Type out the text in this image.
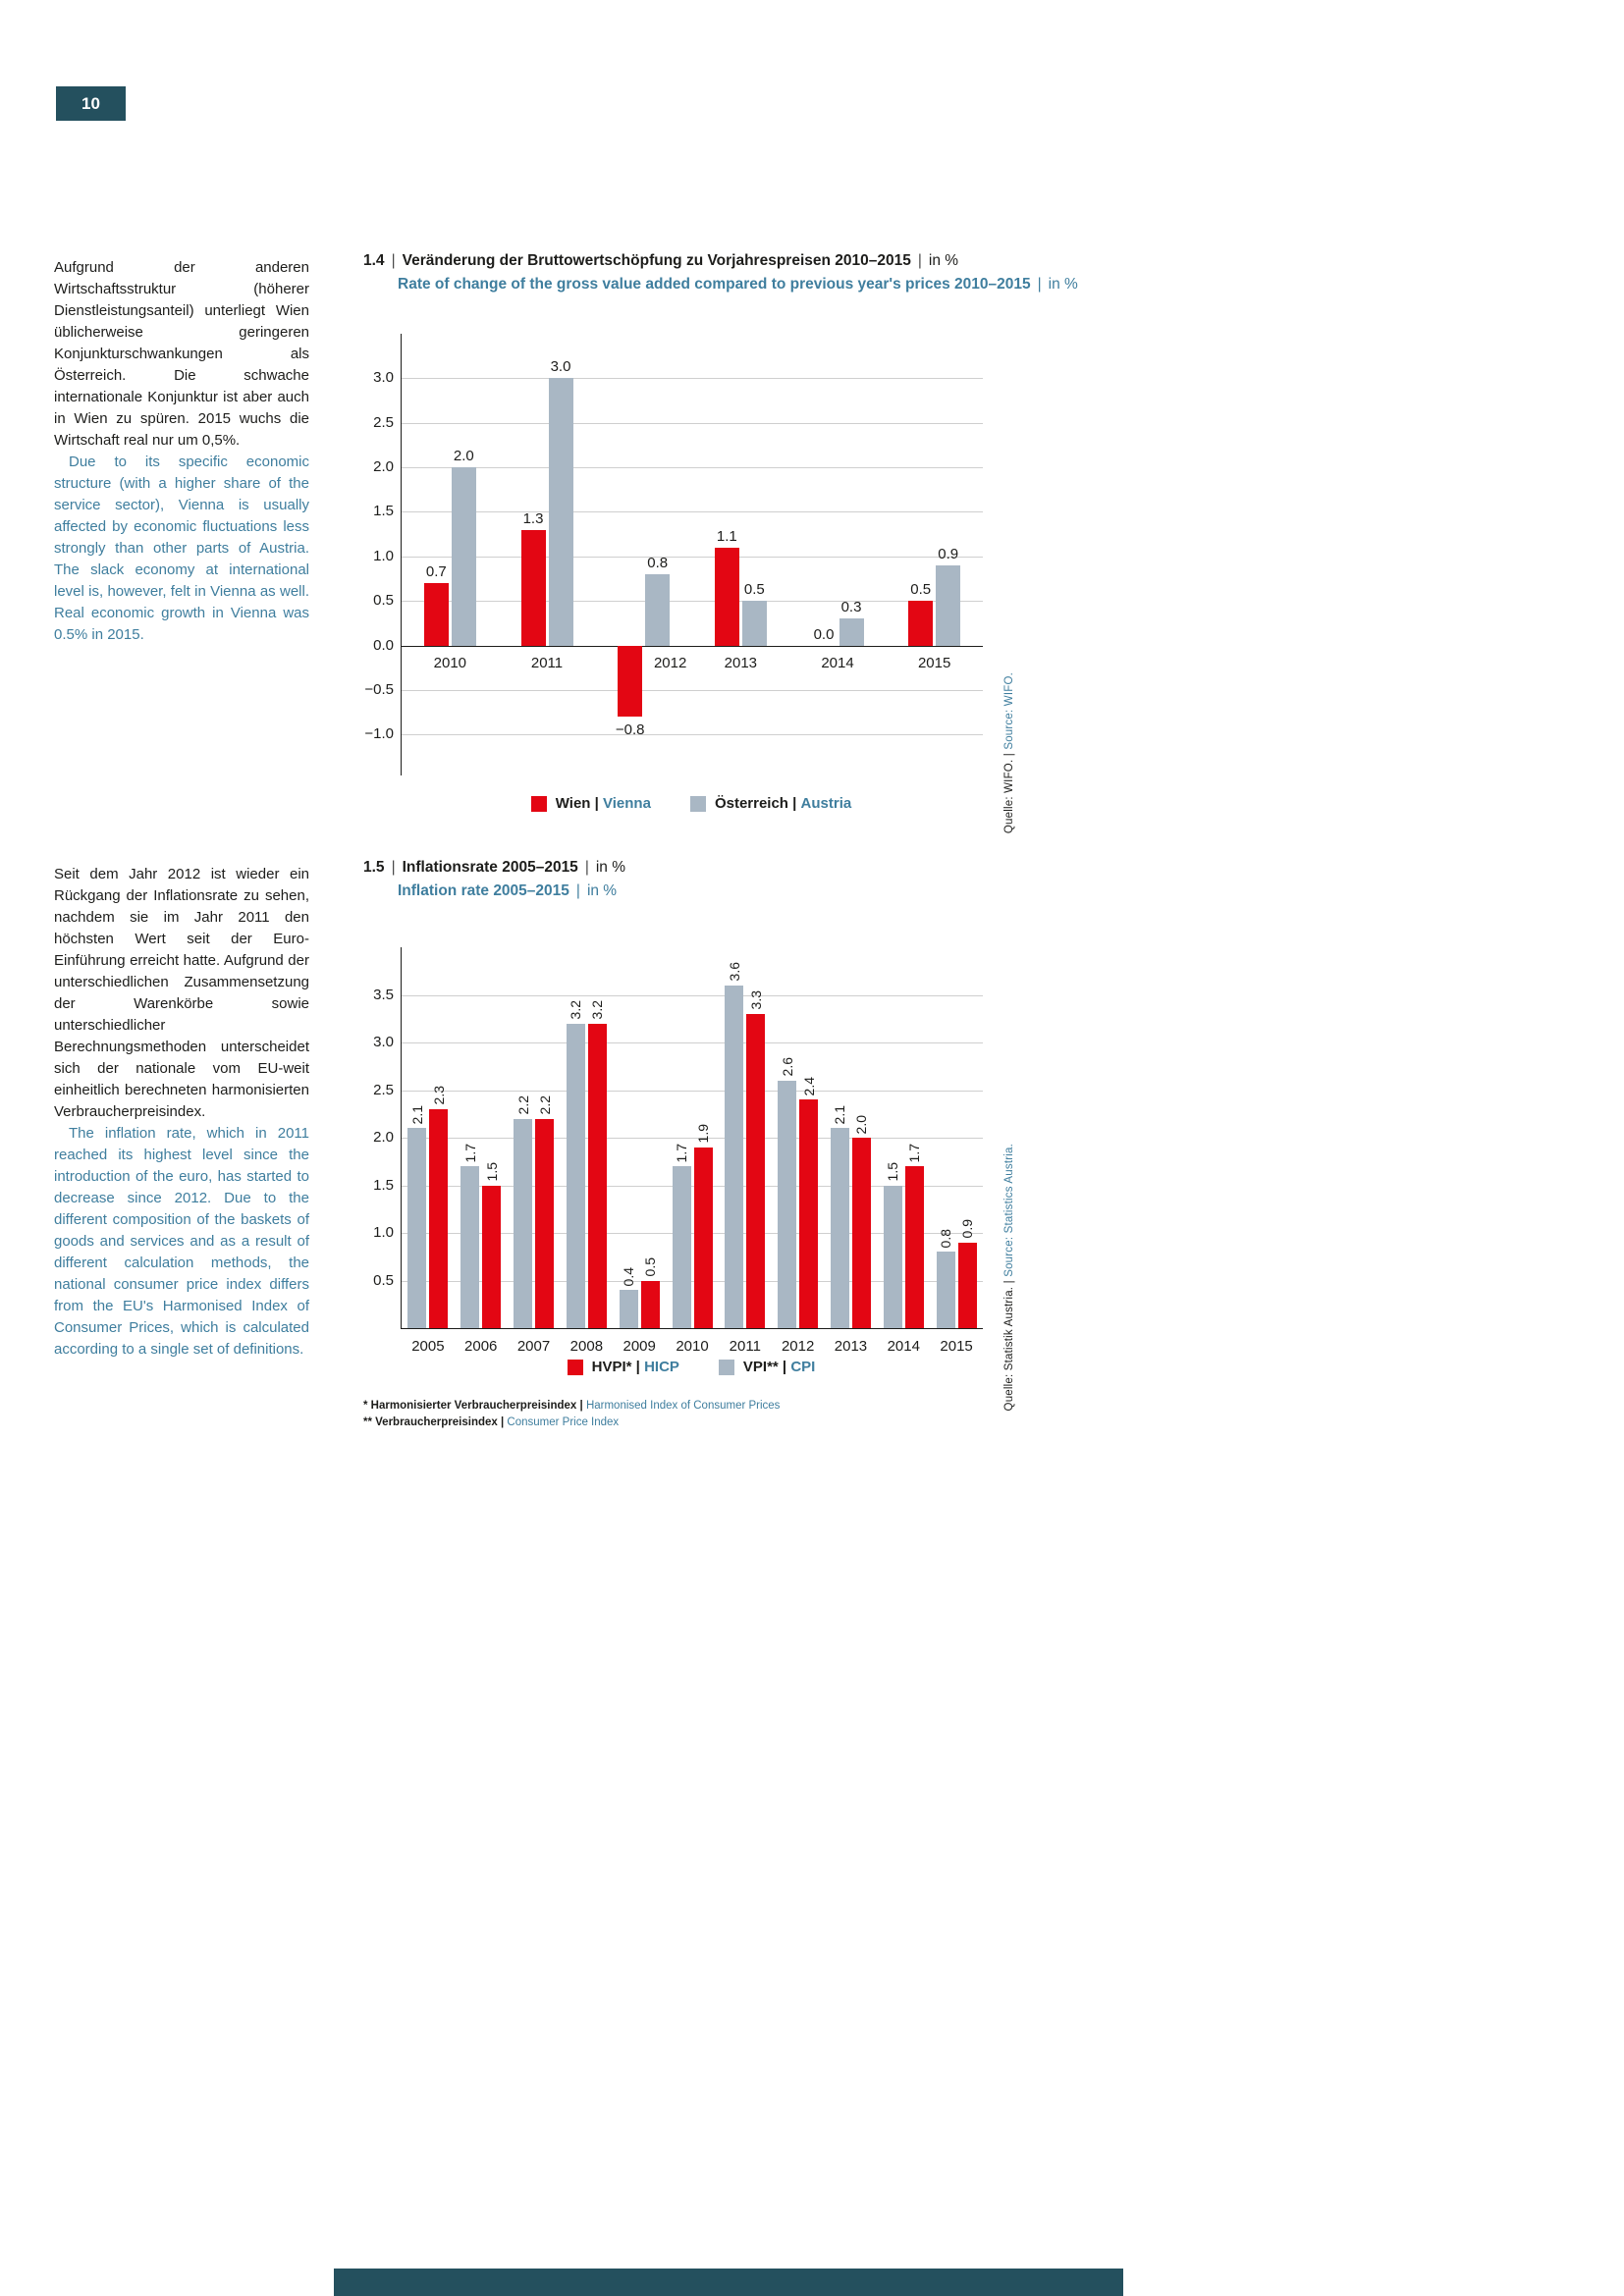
10
Aufgrund der anderen Wirtschaftsstruktur (höherer Dienstleistungsanteil) unterliegt Wien üblicherweise geringeren Konjunkturschwankungen als Österreich. Die schwache internationale Konjunktur ist aber auch in Wien zu spüren. 2015 wuchs die Wirtschaft real nur um 0,5%.
Due to its specific economic structure (with a higher share of the service sector), Vienna is usually affected by economic fluctuations less strongly than other parts of Austria. The slack economy at international level is, however, felt in Vienna as well. Real economic growth in Vienna was 0.5% in 2015.
1.4 | Veränderung der Bruttowertschöpfung zu Vorjahrespreisen 2010–2015 | in %
Rate of change of the gross value added compared to previous year's prices 2010–2015 | in %
3.0
2.5
2.0
1.5
1.0
0.5
0.0
−0.5
−1.0
0.7
2.0
2010
1.3
3.0
2011
−0.8
0.8
2012
1.1
0.5
2013
0.0
0.3
2014
0.5
0.9
2015
Wien | Vienna	Österreich | Austria	Quelle: WIFO. | Source: WIFO.
Seit dem Jahr 2012 ist wieder ein Rückgang der Inflationsrate zu sehen, nachdem sie im Jahr 2011 den höchsten Wert seit der Euro-Einführung erreicht hatte. Aufgrund der unterschiedlichen Zusammensetzung der Warenkörbe sowie unterschiedlicher Berechnungsmethoden unterscheidet sich der nationale vom EU-weit einheitlich berechneten harmonisierten Verbraucherpreisindex.
The inflation rate, which in 2011 reached its highest level since the introduction of the euro, has started to decrease since 2012. Due to the different composition of the baskets of goods and services and as a result of different calculation methods, the national consumer price index differs from the EU's Harmonised Index of Consumer Prices, which is calculated according to a single set of definitions.
1.5 | Inflationsrate 2005–2015 | in %
Inflation rate 2005–2015 | in %
3.5
3.0
2.5
2.0
1.5
1.0
0.5
2.1
2.3
2005
1.7
1.5
2006
2.2 2.2
2007
3.2 3.2
2008
0.4 0.5
2009
1.7
1.9
2010
3.6
3.3
2011
2.6
2.4
2012
2.1 2.0
2013
1.5
1.7
2014
0.8 0.9
2015
HVPI* | HICP	VPI** | CPI	Quelle: Statistik Austria. | Source: Statistics Austria.
* Harmonisierter Verbraucherpreisindex | Harmonised Index of Consumer Prices
** Verbraucherpreisindex | Consumer Price Index
